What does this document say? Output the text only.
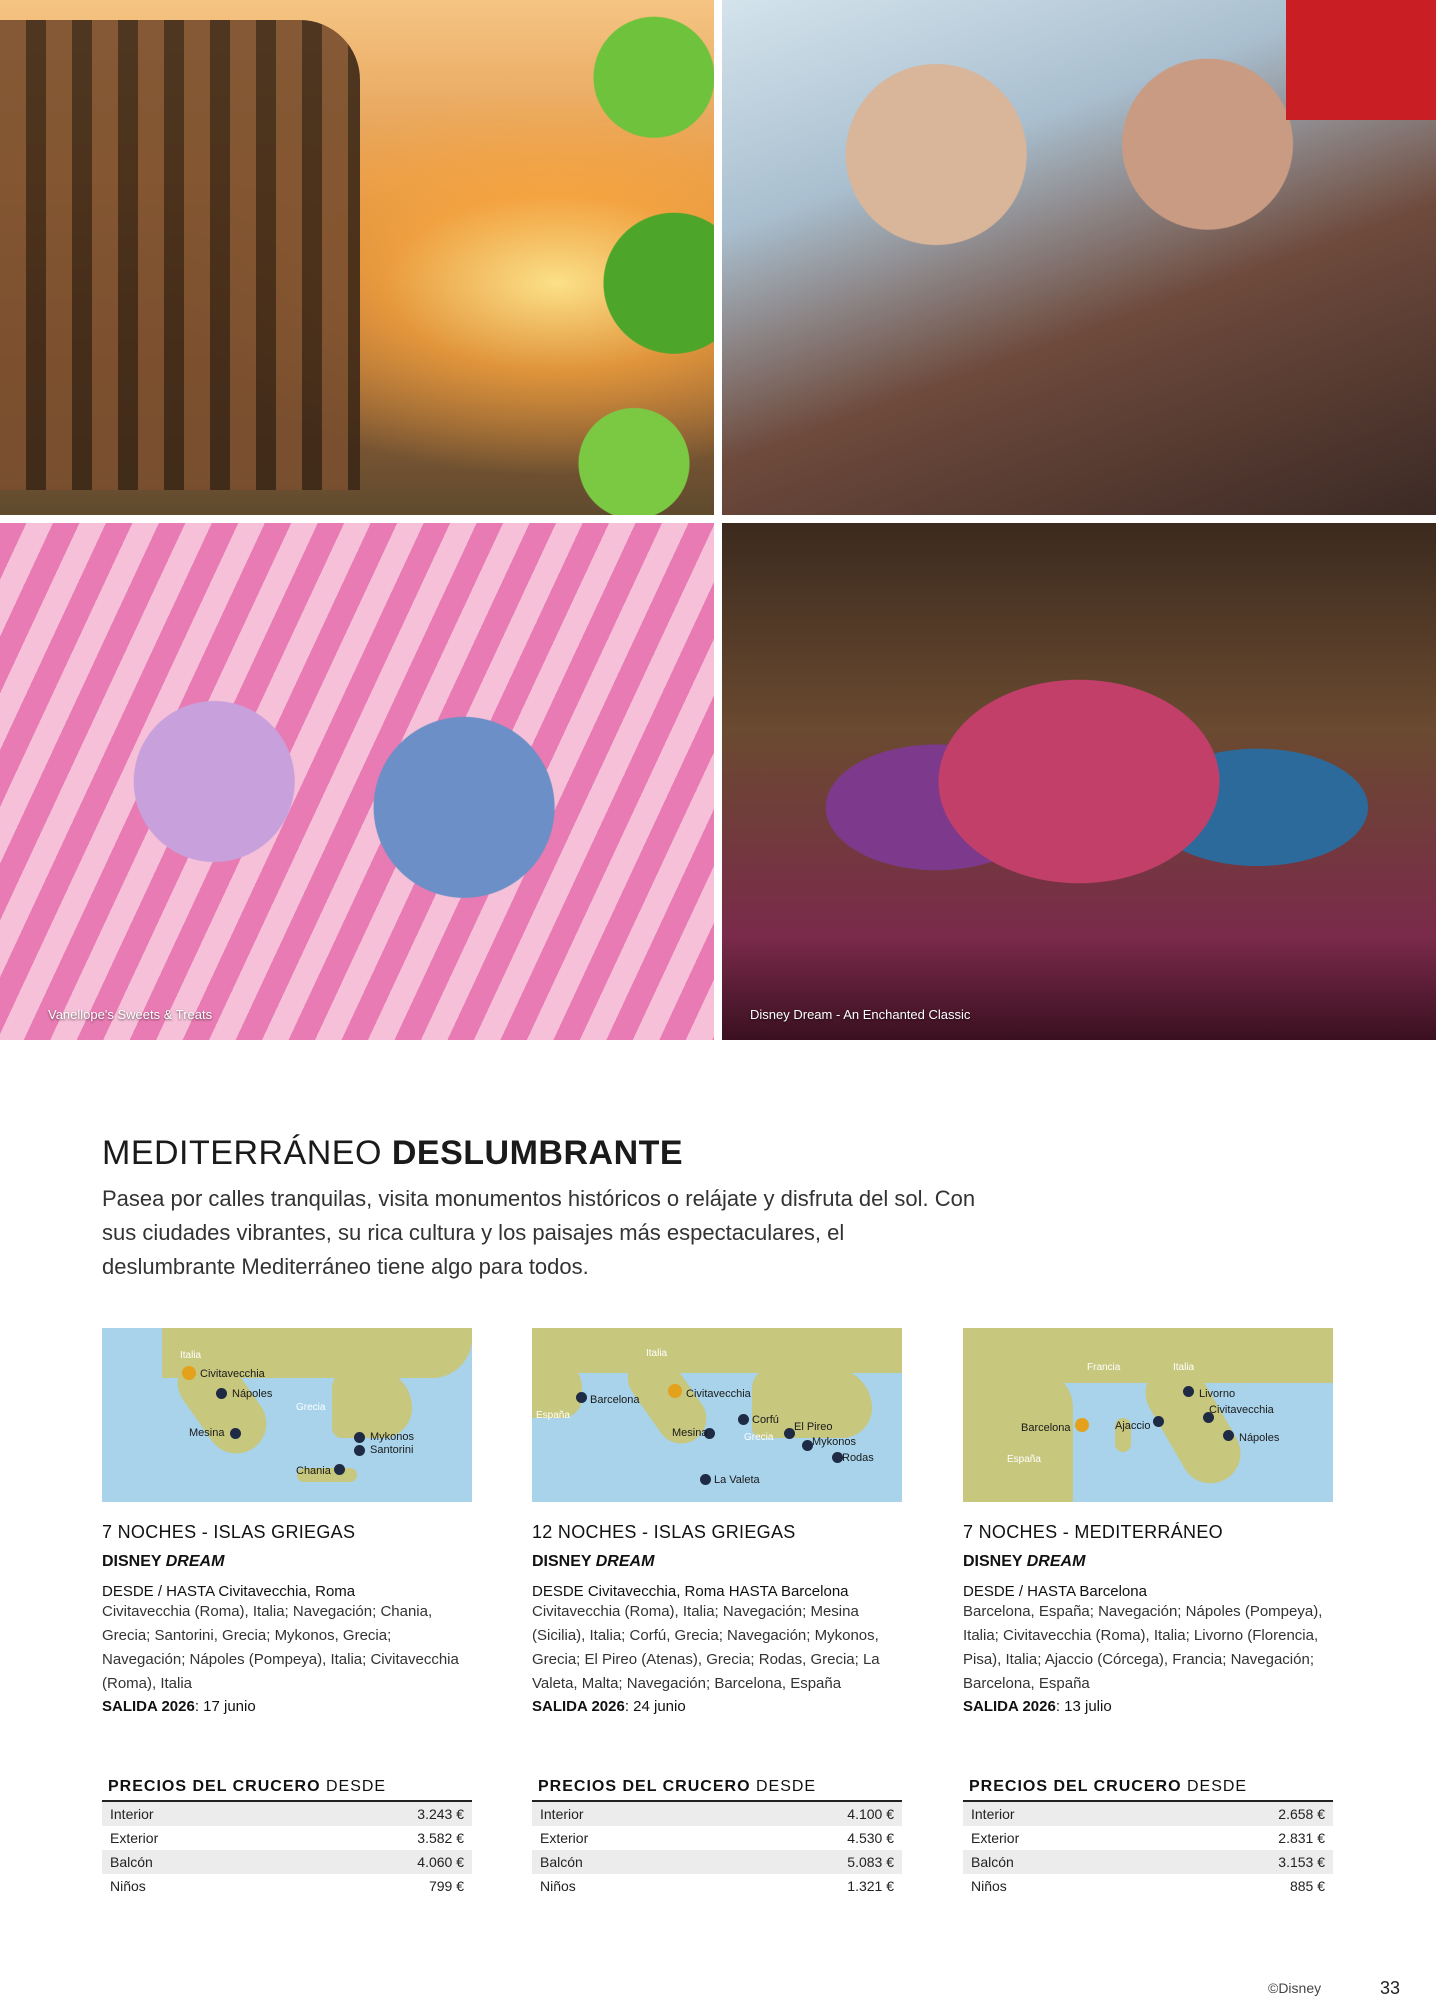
Vanellope's Sweets & Treats	Disney Dream - An Enchanted Classic
MEDITERRÁNEO DESLUMBRANTE

Pasea por calles tranquilas, visita monumentos históricos o relájate y disfruta del sol. Con sus ciudades vibrantes, su rica cultura y los paisajes más espectaculares, el deslumbrante Mediterráneo tiene algo para todos.

Italia
Grecia
Civitavecchia
Nápoles
Mesina	Mykonos
Santorini
Chania
7 NOCHES - ISLAS GRIEGAS
DISNEY DREAM
DESDE / HASTA Civitavecchia, Roma
Civitavecchia (Roma), Italia; Navegación; Chania, Grecia; Santorini, Grecia; Mykonos, Grecia; Navegación; Nápoles (Pompeya), Italia; Civitavecchia (Roma), Italia
SALIDA 2026: 17 junio
PRECIOS DEL CRUCERO DESDE
Interior	3.243 €
Exterior	3.582 €
Balcón	4.060 €
Niños	799 €
Italia
España
Grecia
Barcelona	Civitavecchia
Mesina
Corfú
El Pireo
Mykonos
Rodas
La Valeta
12 NOCHES - ISLAS GRIEGAS
DISNEY DREAM
DESDE Civitavecchia, Roma HASTA Barcelona
Civitavecchia (Roma), Italia; Navegación; Mesina (Sicilia), Italia; Corfú, Grecia; Navegación; Mykonos, Grecia; El Pireo (Atenas), Grecia; Rodas, Grecia; La Valeta, Malta; Navegación; Barcelona, España
SALIDA 2026: 24 junio
PRECIOS DEL CRUCERO DESDE
Interior	4.100 €
Exterior	4.530 €
Balcón	5.083 €
Niños	1.321 €
Francia	Italia
España
Barcelona	Ajaccio
Livorno
Civitavecchia
Nápoles
7 NOCHES - MEDITERRÁNEO
DISNEY DREAM
DESDE / HASTA Barcelona
Barcelona, España; Navegación; Nápoles (Pompeya), Italia; Civitavecchia (Roma), Italia; Livorno (Florencia, Pisa), Italia; Ajaccio (Córcega), Francia; Navegación; Barcelona, España
SALIDA 2026: 13 julio
PRECIOS DEL CRUCERO DESDE
Interior	2.658 €
Exterior	2.831 €
Balcón	3.153 €
Niños	885 €
©Disney	33
